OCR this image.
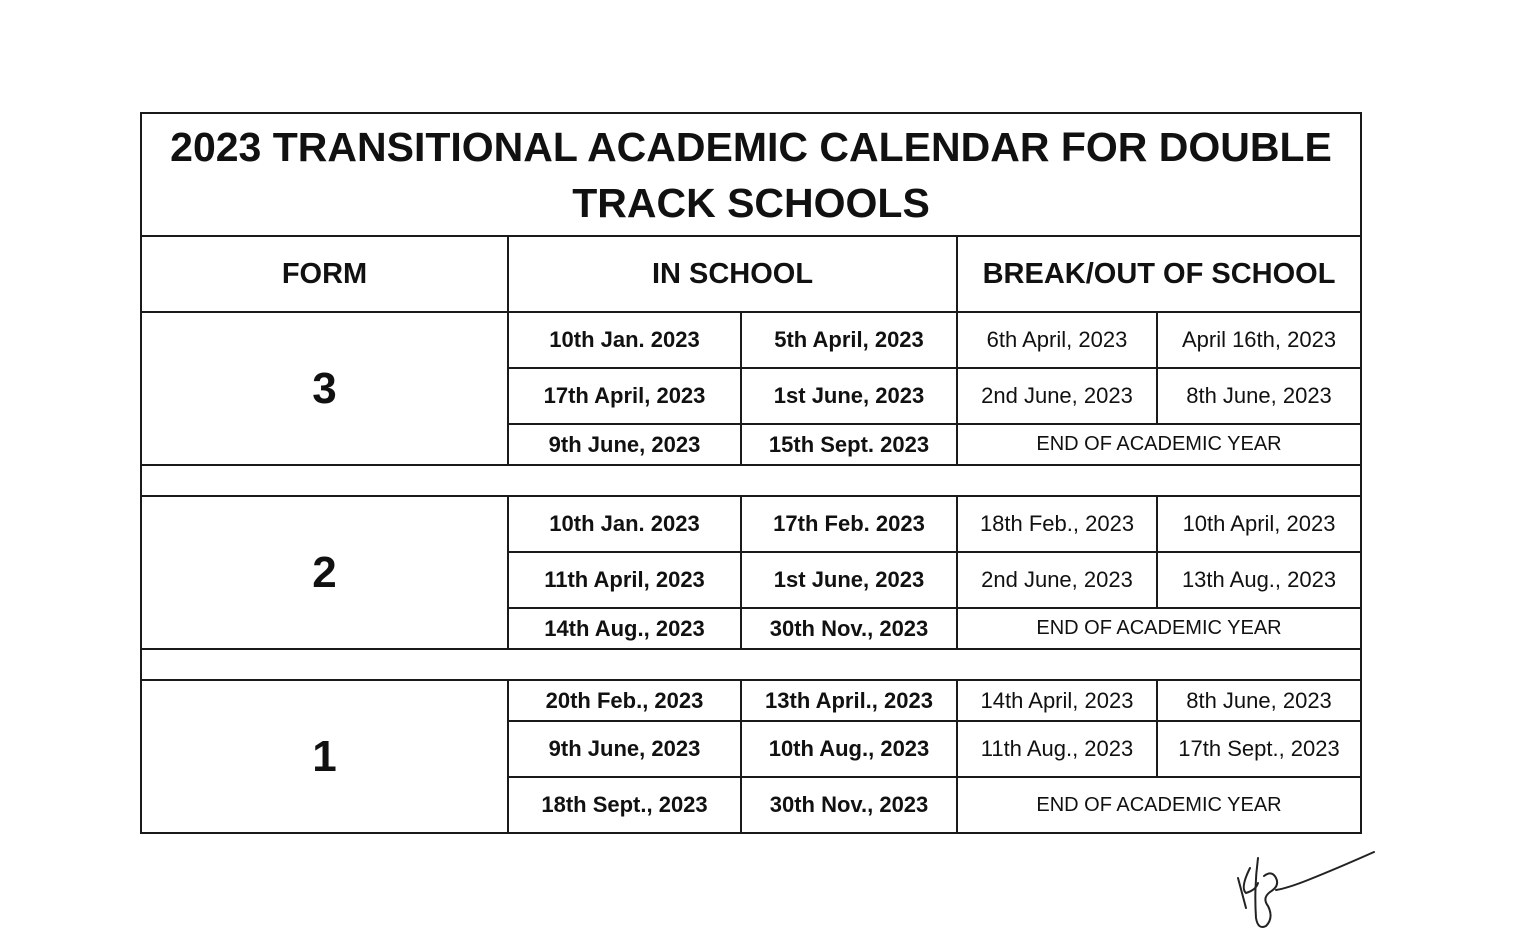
2023 TRANSITIONAL ACADEMIC CALENDAR FOR DOUBLE TRACK SCHOOLS				
FORM	IN SCHOOL		BREAK/OUT OF SCHOOL	
3	10th Jan. 2023	5th April, 2023	6th April, 2023	April 16th, 2023
	17th April, 2023	1st June, 2023	2nd June, 2023	8th June, 2023
	9th June, 2023	15th Sept. 2023	END OF ACADEMIC YEAR	

2	10th Jan. 2023	17th Feb. 2023	18th Feb., 2023	10th April, 2023
	11th April, 2023	1st June, 2023	2nd June, 2023	13th Aug., 2023
	14th Aug., 2023	30th Nov., 2023	END OF ACADEMIC YEAR	

1	20th Feb., 2023	13th April., 2023	14th April, 2023	8th June, 2023
	9th June, 2023	10th Aug., 2023	11th Aug., 2023	17th Sept., 2023
	18th Sept., 2023	30th Nov., 2023	END OF ACADEMIC YEAR	
